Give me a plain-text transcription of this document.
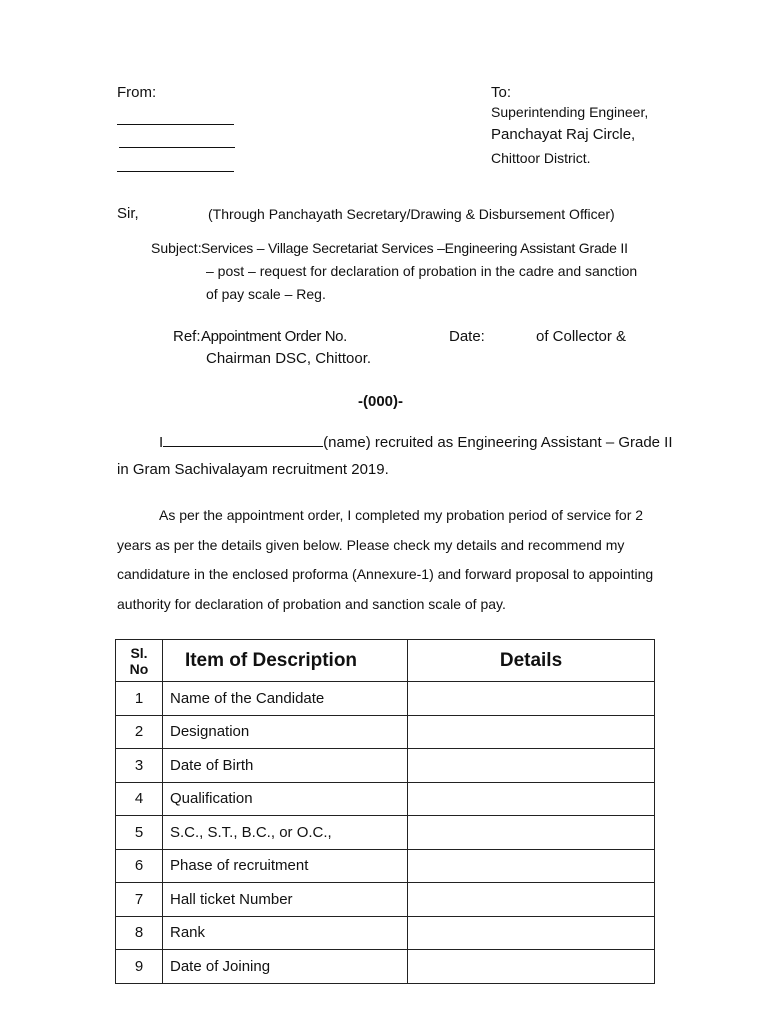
From:	To:
Superintending Engineer,
Panchayat Raj Circle,
Chittoor District.
Sir,	(Through Panchayath Secretary/Drawing & Disbursement Officer)
Subject: Services – Village Secretariat Services –Engineering Assistant Grade II
– post – request for declaration of probation in the cadre and sanction
of pay scale – Reg.
Ref: Appointment Order No.	Date:	of Collector &
Chairman DSC, Chittoor.
-(000)-
I	(name) recruited as Engineering Assistant – Grade II
in Gram Sachivalayam recruitment 2019.
As per the appointment order, I completed my probation period of service for 2
years as per the details given below. Please check my details and recommend my
candidature in the enclosed proforma (Annexure-1) and forward proposal to appointing
authority for declaration of probation and sanction scale of pay.
Sl.
No	Item of Description	Details
1	Name of the Candidate	
2	Designation	
3	Date of Birth	
4	Qualification	
5	S.C., S.T., B.C., or O.C.,	
6	Phase of recruitment	
7	Hall ticket Number	
8	Rank	
9	Date of Joining	
